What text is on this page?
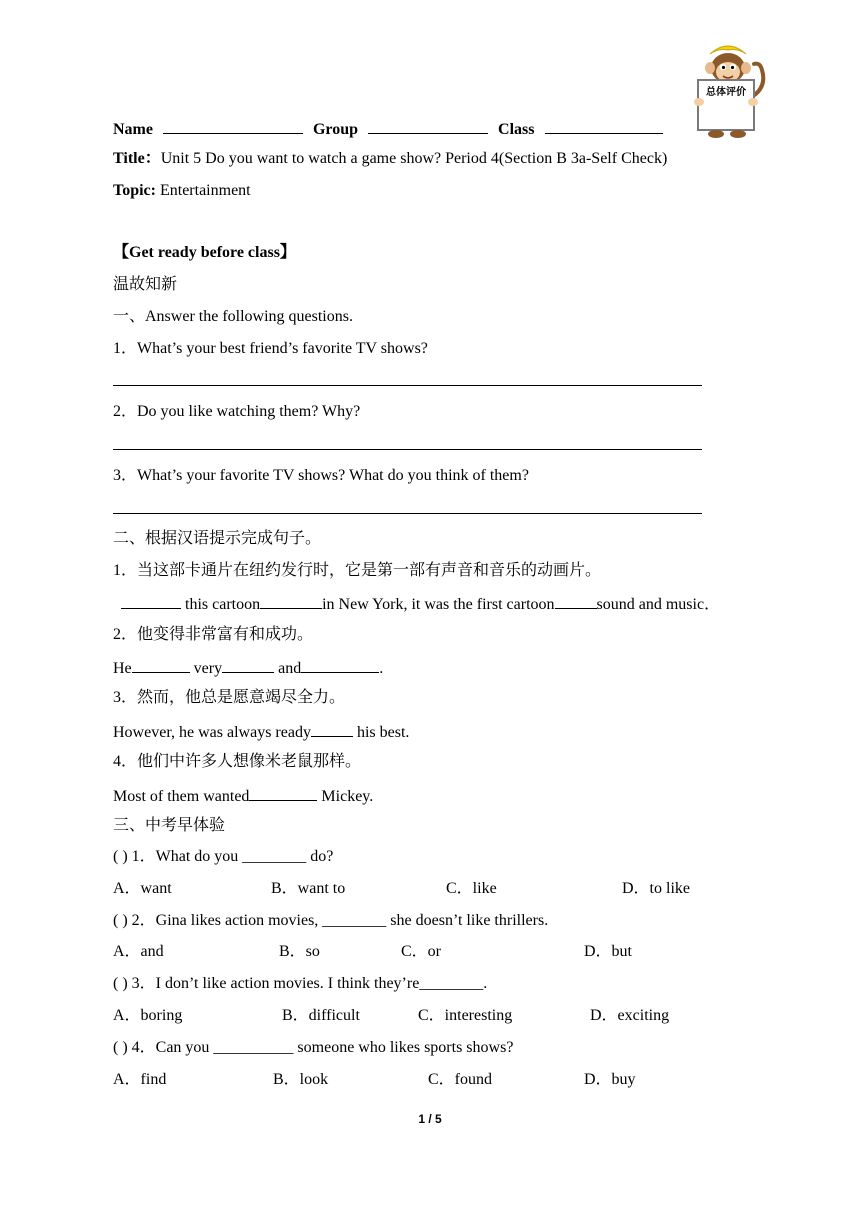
总体评价
Name	Group	Class
Title：Unit 5 Do you want to watch a game show? Period 4(Section B 3a-Self Check)
Topic: Entertainment
【Get ready before class】
温故知新
一、Answer the following questions.
1．What’s your best friend’s favorite TV shows?
2．Do you like watching them? Why?
3．What’s your favorite TV shows? What do you think of them?
二、根据汉语提示完成句子。
1．当这部卡通片在纽约发行时，它是第一部有声音和音乐的动画片。
this cartoon	in New York, it was the first cartoon	sound and music．
2．他变得非常富有和成功。
He	very	and	.
3．然而，他总是愿意竭尽全力。
However, he was always ready	his best.
4．他们中许多人想像米老鼠那样。
Most of them wanted	Mickey.
三、中考早体验
( ) 1．What do you ________ do?
A．want	B．want to	C．like	D．to like
( ) 2．Gina likes action movies, ________ she doesn’t like thrillers.
A．and	B．so	C．or	D．but
( ) 3．I don’t like action movies. I think they’re________.
A．boring	B．difficult	C．interesting	D．exciting
( ) 4．Can you __________ someone who likes sports shows?
A．find	B．look	C．found	D．buy
1 / 5
